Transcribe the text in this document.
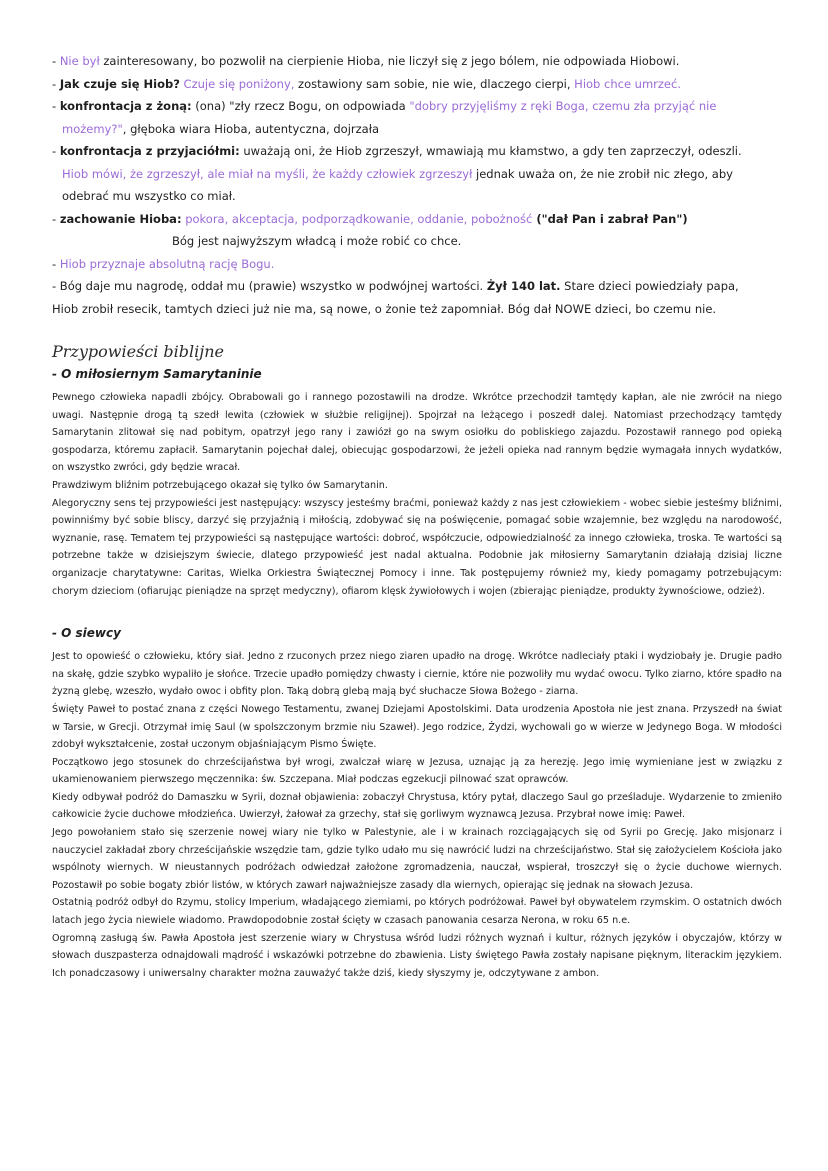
- Nie był zainteresowany, bo pozwolił na cierpienie Hioba, nie liczył się z jego bólem, nie odpowiada Hiobowi.

- Jak czuje się Hiob? Czuje się poniżony, zostawiony sam sobie, nie wie, dlaczego cierpi, Hiob chce umrzeć.

- konfrontacja z żoną: (ona) "zły rzecz Bogu, on odpowiada "dobry przyjęliśmy z ręki Boga, czemu zła przyjąć nie

możemy?", głęboka wiara Hioba, autentyczna, dojrzała

- konfrontacja z przyjaciółmi: uważają oni, że Hiob zgrzeszył, wmawiają mu kłamstwo, a gdy ten zaprzeczył, odeszli.

Hiob mówi, że zgrzeszył, ale miał na myśli, że każdy człowiek zgrzeszył jednak uważa on, że nie zrobił nic złego, aby

odebrać mu wszystko co miał.

- zachowanie Hioba: pokora, akceptacja, podporządkowanie, oddanie, pobożność ("dał Pan i zabrał Pan")

Bóg jest najwyższym władcą i może robić co chce.

- Hiob przyznaje absolutną rację Bogu.

- Bóg daje mu nagrodę, oddał mu (prawie) wszystko w podwójnej wartości. Żył 140 lat. Stare dzieci powiedziały papa,

Hiob zrobił resecik, tamtych dzieci już nie ma, są nowe, o żonie też zapomniał. Bóg dał NOWE dzieci, bo czemu nie.

Przypowieści biblijne
- O miłosiernym Samarytaninie

Pewnego człowieka napadli zbójcy. Obrabowali go i rannego pozostawili na drodze. Wkrótce przechodził tamtędy kapłan, ale nie zwrócił na niego uwagi. Następnie drogą tą szedł lewita (człowiek w służbie religijnej). Spojrzał na leżącego i poszedł dalej. Natomiast przechodzący tamtędy Samarytanin zlitował się nad pobitym, opatrzył jego rany i zawiózł go na swym osiołku do pobliskiego zajazdu. Pozostawił rannego pod opieką gospodarza, któremu zapłacił. Samarytanin pojechał dalej, obiecując gospodarzowi, że jeżeli opieka nad rannym będzie wymagała innych wydatków, on wszystko zwróci, gdy będzie wracał.

Prawdziwym bliźnim potrzebującego okazał się tylko ów Samarytanin.

Alegoryczny sens tej przypowieści jest następujący: wszyscy jesteśmy braćmi, ponieważ każdy z nas jest człowiekiem - wobec siebie jesteśmy bliźnimi, powinniśmy być sobie bliscy, darzyć się przyjaźnią i miłością, zdobywać się na poświęcenie, pomagać sobie wzajemnie, bez względu na narodowość, wyznanie, rasę. Tematem tej przypowieści są następujące wartości: dobroć, współczucie, odpowiedzialność za innego człowieka, troska. Te wartości są potrzebne także w dzisiejszym świecie, dlatego przypowieść jest nadal aktualna. Podobnie jak miłosierny Samarytanin działają dzisiaj liczne organizacje charytatywne: Caritas, Wielka Orkiestra Świątecznej Pomocy i inne. Tak postępujemy również my, kiedy pomagamy potrzebującym: chorym dzieciom (ofiarując pieniądze na sprzęt medyczny), ofiarom klęsk żywiołowych i wojen (zbierając pieniądze, produkty żywnościowe, odzież).

- O siewcy

Jest to opowieść o człowieku, który siał. Jedno z rzuconych przez niego ziaren upadło na drogę. Wkrótce nadleciały ptaki i wydziobały je. Drugie padło na skałę, gdzie szybko wypaliło je słońce. Trzecie upadło pomiędzy chwasty i ciernie, które nie pozwoliły mu wydać owocu. Tylko ziarno, które spadło na żyzną glebę, wzeszło, wydało owoc i obfity plon. Taką dobrą glebą mają być słuchacze Słowa Bożego - ziarna.

Święty Paweł to postać znana z części Nowego Testamentu, zwanej Dziejami Apostolskimi. Data urodzenia Apostoła nie jest znana. Przyszedł na świat w Tarsie, w Grecji. Otrzymał imię Saul (w spolszczonym brzmie niu Szaweł). Jego rodzice, Żydzi, wychowali go w wierze w Jedynego Boga. W młodości zdobył wykształcenie, został uczonym objaśniającym Pismo Święte.

Początkowo jego stosunek do chrześcijaństwa był wrogi, zwalczał wiarę w Jezusa, uznając ją za herezję. Jego imię wymieniane jest w związku z ukamienowaniem pierwszego męczennika: św. Szczepana. Miał podczas egzekucji pilnować szat oprawców.

Kiedy odbywał podróż do Damaszku w Syrii, doznał objawienia: zobaczył Chrystusa, który pytał, dlaczego Saul go prześladuje. Wydarzenie to zmieniło całkowicie życie duchowe młodzieńca. Uwierzył, żałował za grzechy, stał się gorliwym wyznawcą Jezusa. Przybrał nowe imię: Paweł.

Jego powołaniem stało się szerzenie nowej wiary nie tylko w Palestynie, ale i w krainach rozciągających się od Syrii po Grecję. Jako misjonarz i nauczyciel zakładał zbory chrześcijańskie wszędzie tam, gdzie tylko udało mu się nawrócić ludzi na chrześcijaństwo. Stał się założycielem Kościoła jako wspólnoty wiernych. W nieustannych podróżach odwiedzał założone zgromadzenia, nauczał, wspierał, troszczył się o życie duchowe wiernych. Pozostawił po sobie bogaty zbiór listów, w których zawarł najważniejsze zasady dla wiernych, opierając się jednak na słowach Jezusa.

Ostatnią podróż odbył do Rzymu, stolicy Imperium, władającego ziemiami, po których podróżował. Paweł był obywatelem rzymskim. O ostatnich dwóch latach jego życia niewiele wiadomo. Prawdopodobnie został ścięty w czasach panowania cesarza Nerona, w roku 65 n.e.

Ogromną zasługą św. Pawła Apostoła jest szerzenie wiary w Chrystusa wśród ludzi różnych wyznań i kultur, różnych języków i obyczajów, którzy w słowach duszpasterza odnajdowali mądrość i wskazówki potrzebne do zbawienia. Listy świętego Pawła zostały napisane pięknym, literackim językiem. Ich ponadczasowy i uniwersalny charakter można zauważyć także dziś, kiedy słyszymy je, odczytywane z ambon.
